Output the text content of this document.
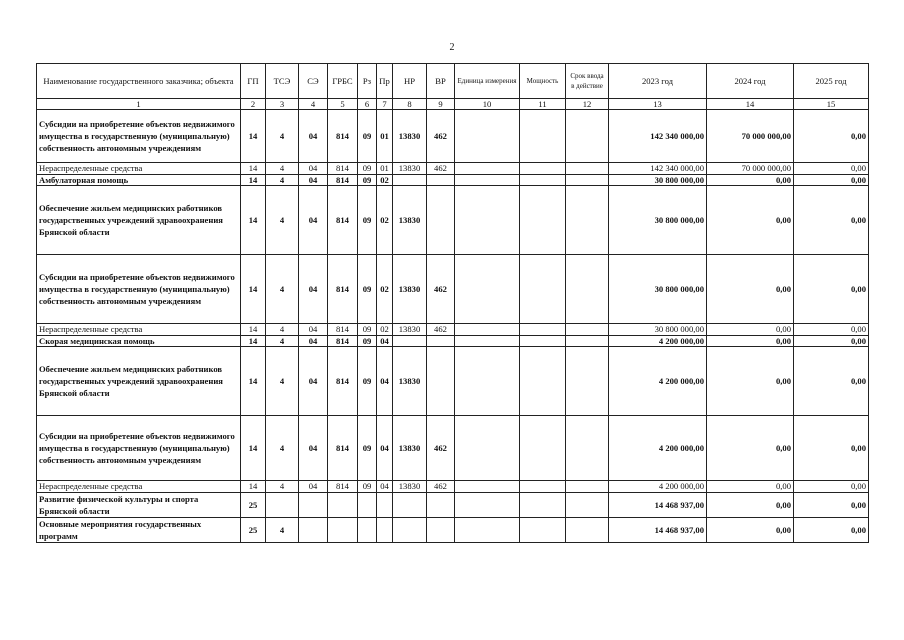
2
Наименование государственного заказчика; объекта	ГП	ТСЭ	СЭ	ГРБС	Рз	Пр	НР	ВР	Единица измерения	Мощность	Срок ввода в действие	2023 год	2024 год	2025 год
1	2	3	4	5	6	7	8	9	10	11	12	13	14	15
Субсидии на приобретение объектов недвижимого имущества в государственную (муниципальную) собственность автономным учреждениям	14	4	04	814	09	01	13830	462				142 340 000,00	70 000 000,00	0,00
Нераспределенные средства	14	4	04	814	09	01	13830	462				142 340 000,00	70 000 000,00	0,00
Амбулаторная помощь	14	4	04	814	09	02						30 800 000,00	0,00	0,00
Обеспечение жильем медицинских работников государственных учреждений здравоохранения Брянской области	14	4	04	814	09	02	13830					30 800 000,00	0,00	0,00
Субсидии на приобретение объектов недвижимого имущества в государственную (муниципальную) собственность автономным учреждениям	14	4	04	814	09	02	13830	462				30 800 000,00	0,00	0,00
Нераспределенные средства	14	4	04	814	09	02	13830	462				30 800 000,00	0,00	0,00
Скорая медицинская помощь	14	4	04	814	09	04						4 200 000,00	0,00	0,00
Обеспечение жильем медицинских работников государственных учреждений здравоохранения Брянской области	14	4	04	814	09	04	13830					4 200 000,00	0,00	0,00
Субсидии на приобретение объектов недвижимого имущества в государственную (муниципальную) собственность автономным учреждениям	14	4	04	814	09	04	13830	462				4 200 000,00	0,00	0,00
Нераспределенные средства	14	4	04	814	09	04	13830	462				4 200 000,00	0,00	0,00
Развитие физической культуры и спорта Брянской области	25											14 468 937,00	0,00	0,00
Основные мероприятия государственных программ	25	4										14 468 937,00	0,00	0,00
